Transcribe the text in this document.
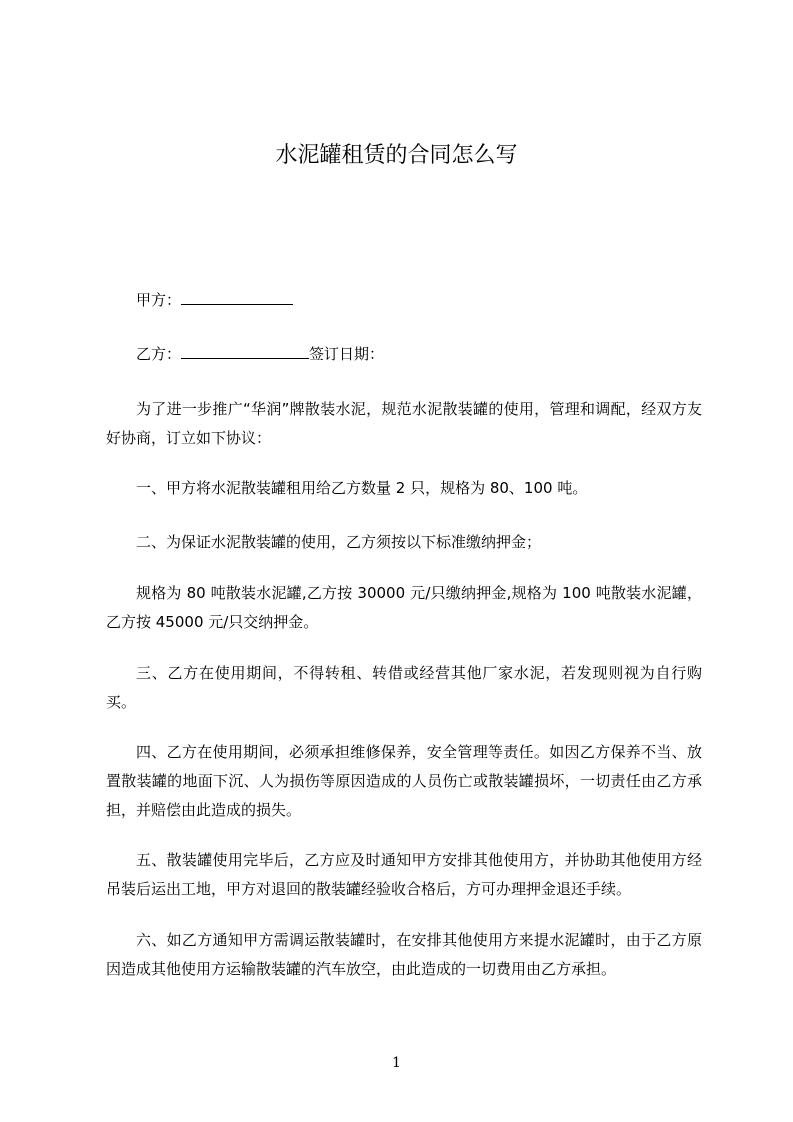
水泥罐租赁的合同怎么写
甲方：
乙方：	签订日期：
为了进一步推广“华润”牌散装水泥，规范水泥散装罐的使用，管理和调配，经双方友好协商，订立如下协议：
一、甲方将水泥散装罐租用给乙方数量 2 只，规格为 80、100 吨。
二、为保证水泥散装罐的使用，乙方须按以下标准缴纳押金；
规格为 80 吨散装水泥罐,乙方按 30000 元/只缴纳押金,规格为 100 吨散装水泥罐，乙方按 45000 元/只交纳押金。
三、乙方在使用期间，不得转租、转借或经营其他厂家水泥，若发现则视为自行购买。
四、乙方在使用期间，必须承担维修保养，安全管理等责任。如因乙方保养不当、放置散装罐的地面下沉、人为损伤等原因造成的人员伤亡或散装罐损坏，一切责任由乙方承担，并赔偿由此造成的损失。
五、散装罐使用完毕后，乙方应及时通知甲方安排其他使用方，并协助其他使用方经吊装后运出工地，甲方对退回的散装罐经验收合格后，方可办理押金退还手续。
六、如乙方通知甲方需调运散装罐时，在安排其他使用方来提水泥罐时，由于乙方原因造成其他使用方运输散装罐的汽车放空，由此造成的一切费用由乙方承担。
1
